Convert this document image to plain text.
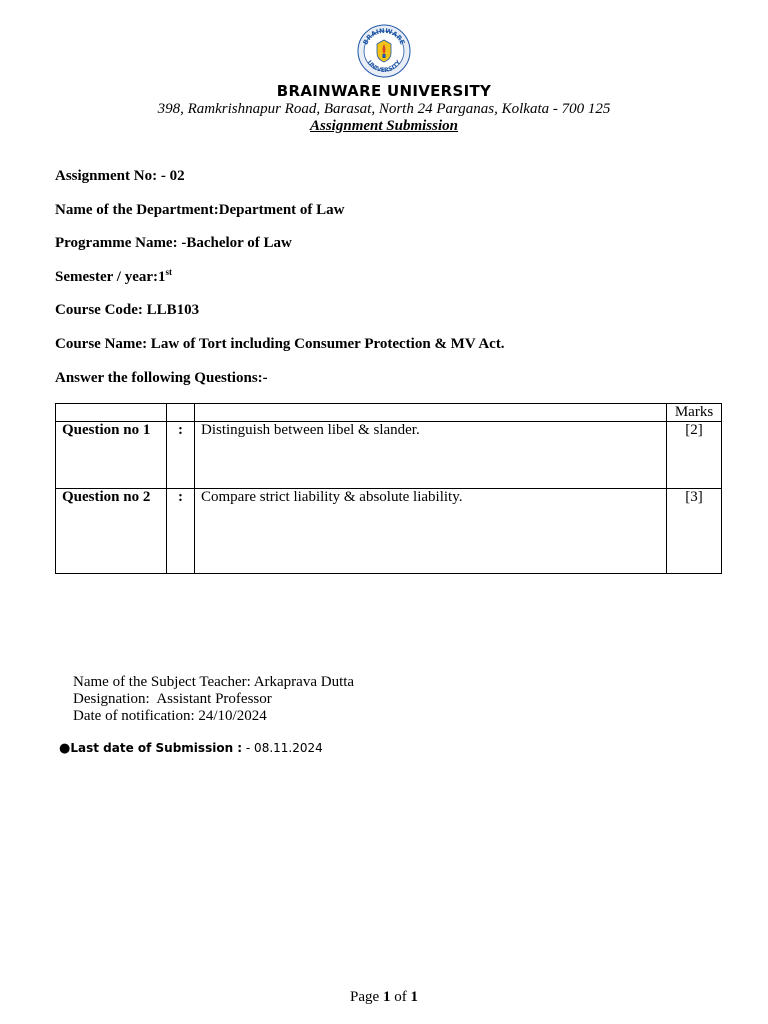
BRAINWARE
UNIVERSITY
BRAINWARE UNIVERSITY
398, Ramkrishnapur Road, Barasat, North 24 Parganas, Kolkata - 700 125
Assignment Submission
Assignment No: - 02
Name of the Department:Department of Law
Programme Name: -Bachelor of Law
Semester / year:1st
Course Code: LLB103
Course Name: Law of Tort including Consumer Protection & MV Act.
Answer the following Questions:-
			Marks

Question no 1	:	Distinguish between libel & slander.	[2]

Question no 2	:	Compare strict liability & absolute liability.	[3]
Name of the Subject Teacher: Arkaprava Dutta
Designation:  Assistant Professor
Date of notification: 24/10/2024
●Last date of Submission : - 08.11.2024
Page 1 of 1
